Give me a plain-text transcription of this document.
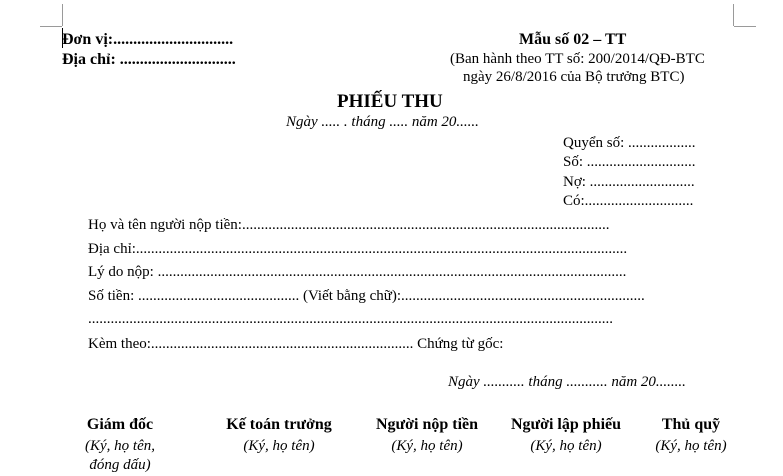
Đơn vị:..............................
Địa chỉ: .............................
Mẫu số 02 – TT
(Ban hành theo TT số: 200/2014/QĐ-BTC
ngày 26/8/2016 của Bộ trưởng BTC)
PHIẾU THU
Ngày ..... . tháng ..... năm 20......
Quyển số: ..................
Số: .............................
Nợ: ............................
Có:.............................
Họ và tên người nộp tiền:..................................................................................................
Địa chỉ:...................................................................................................................................
Lý do nộp: .............................................................................................................................
Số tiền: ........................................... (Viết bằng chữ):.................................................................
............................................................................................................................................
Kèm theo:...................................................................... Chứng từ gốc:
Ngày ........... tháng ........... năm 20........
Giám đốc
(Ký, họ tên, đóng dấu)
Kế toán trưởng
(Ký, họ tên)
Người nộp tiền
(Ký, họ tên)
Người lập phiếu
(Ký, họ tên)
Thủ quỹ
(Ký, họ tên)
